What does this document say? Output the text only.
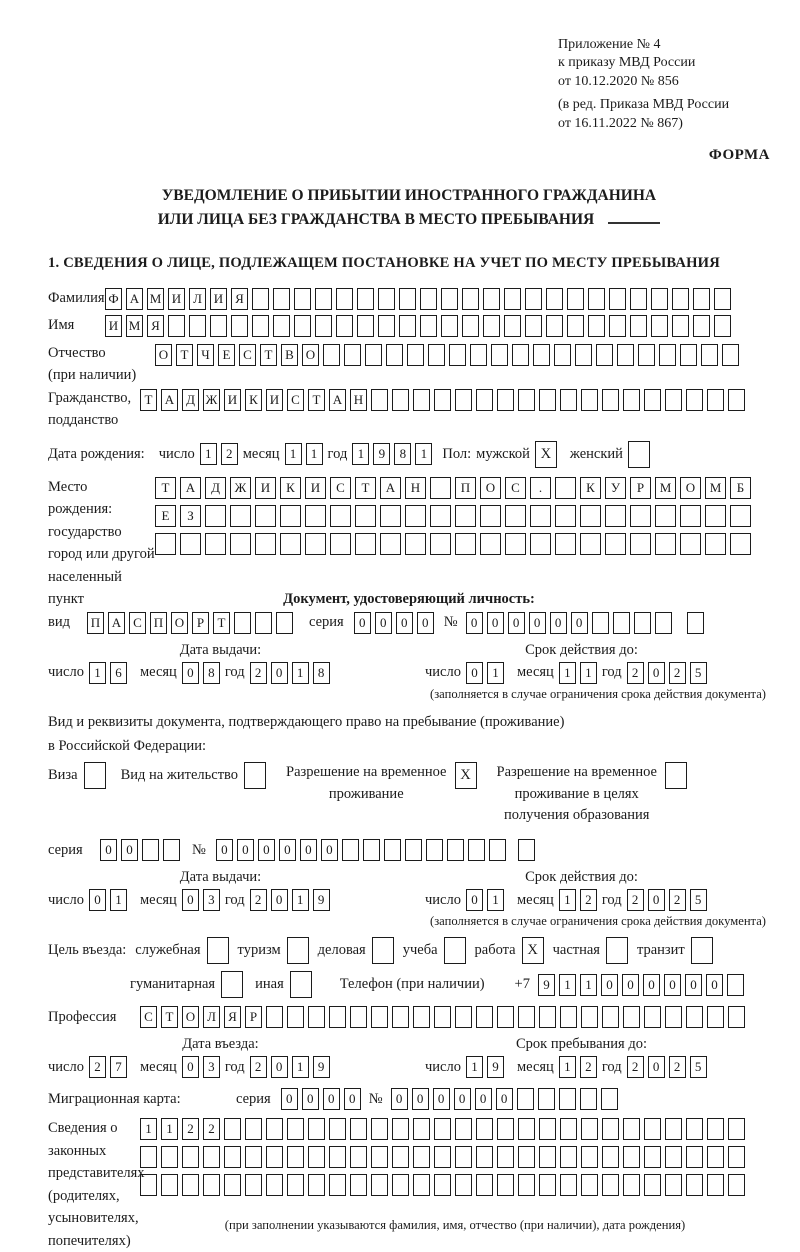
Приложение № 4
к приказу МВД России
от 10.12.2020 № 856
(в ред. Приказа МВД России
от 16.11.2022 № 867)
ФОРМА
УВЕДОМЛЕНИЕ О ПРИБЫТИИ ИНОСТРАННОГО ГРАЖДАНИНА
ИЛИ ЛИЦА БЕЗ ГРАЖДАНСТВА В МЕСТО ПРЕБЫВАНИЯ
1. СВЕДЕНИЯ О ЛИЦЕ, ПОДЛЕЖАЩЕМ ПОСТАНОВКЕ НА УЧЕТ ПО МЕСТУ ПРЕБЫВАНИЯ
Фамилия Ф А М И Л И Я
Имя	И М Я
Отчество
(при наличии)
О Т Ч Е С Т В О
Гражданство,
подданство
Т А Д Ж И К И С Т А Н
Дата рождения: число 1	2 месяц 1	1 год 1	9	8	1	Пол: мужской X	женский
Место рождения:
государство
город или другой
населенный пункт
Т	А	Д	Ж	И	К	И	С	Т	А	Н	П	О	С	.	К	У	Р	М	О	М	Б
Е	З
Документ, удостоверяющий личность:
вид	П А С П О Р	Т	серия	0	0	0	0	№	0	0	0	0	0	0
Дата выдачи:
число 1	6	месяц 0	8 год 2	0	1	8
Срок действия до:
число 0	1	месяц 1	1 год 2	0	2	5
(заполняется в случае ограничения срока действия документа)
Вид и реквизиты документа, подтверждающего право на пребывание (проживание)
в Российской Федерации:
Виза	Вид на жительство	Разрешение на временное
проживание
X	Разрешение на временное
проживание в целях
получения образования
серия	0	0	№	0	0	0	0	0	0
Дата выдачи:
число 0	1	месяц 0	3 год 2	0	1	9
Срок действия до:
число 0	1	месяц 1	2 год 2	0	2	5
(заполняется в случае ограничения срока действия документа)
Цель въезда: служебная	туризм	деловая	учеба	работа X	частная	транзит
гуманитарная	иная	Телефон (при наличии) +7	9	1	1	0	0	0	0	0	0
Профессия	С Т О Л Я	Р
Дата въезда:
число 2	7	месяц 0	3 год 2	0	1	9
Срок пребывания до:
число 1	9	месяц 1	2 год 2	0	2	5
Миграционная карта:	серия	0	0	0	0 №	0	0	0	0	0	0
Сведения о
законных
представителях
(родителях,
усыновителях,
попечителях)
1	1	2	2
(при заполнении указываются фамилия, имя, отчество (при наличии), дата рождения)
